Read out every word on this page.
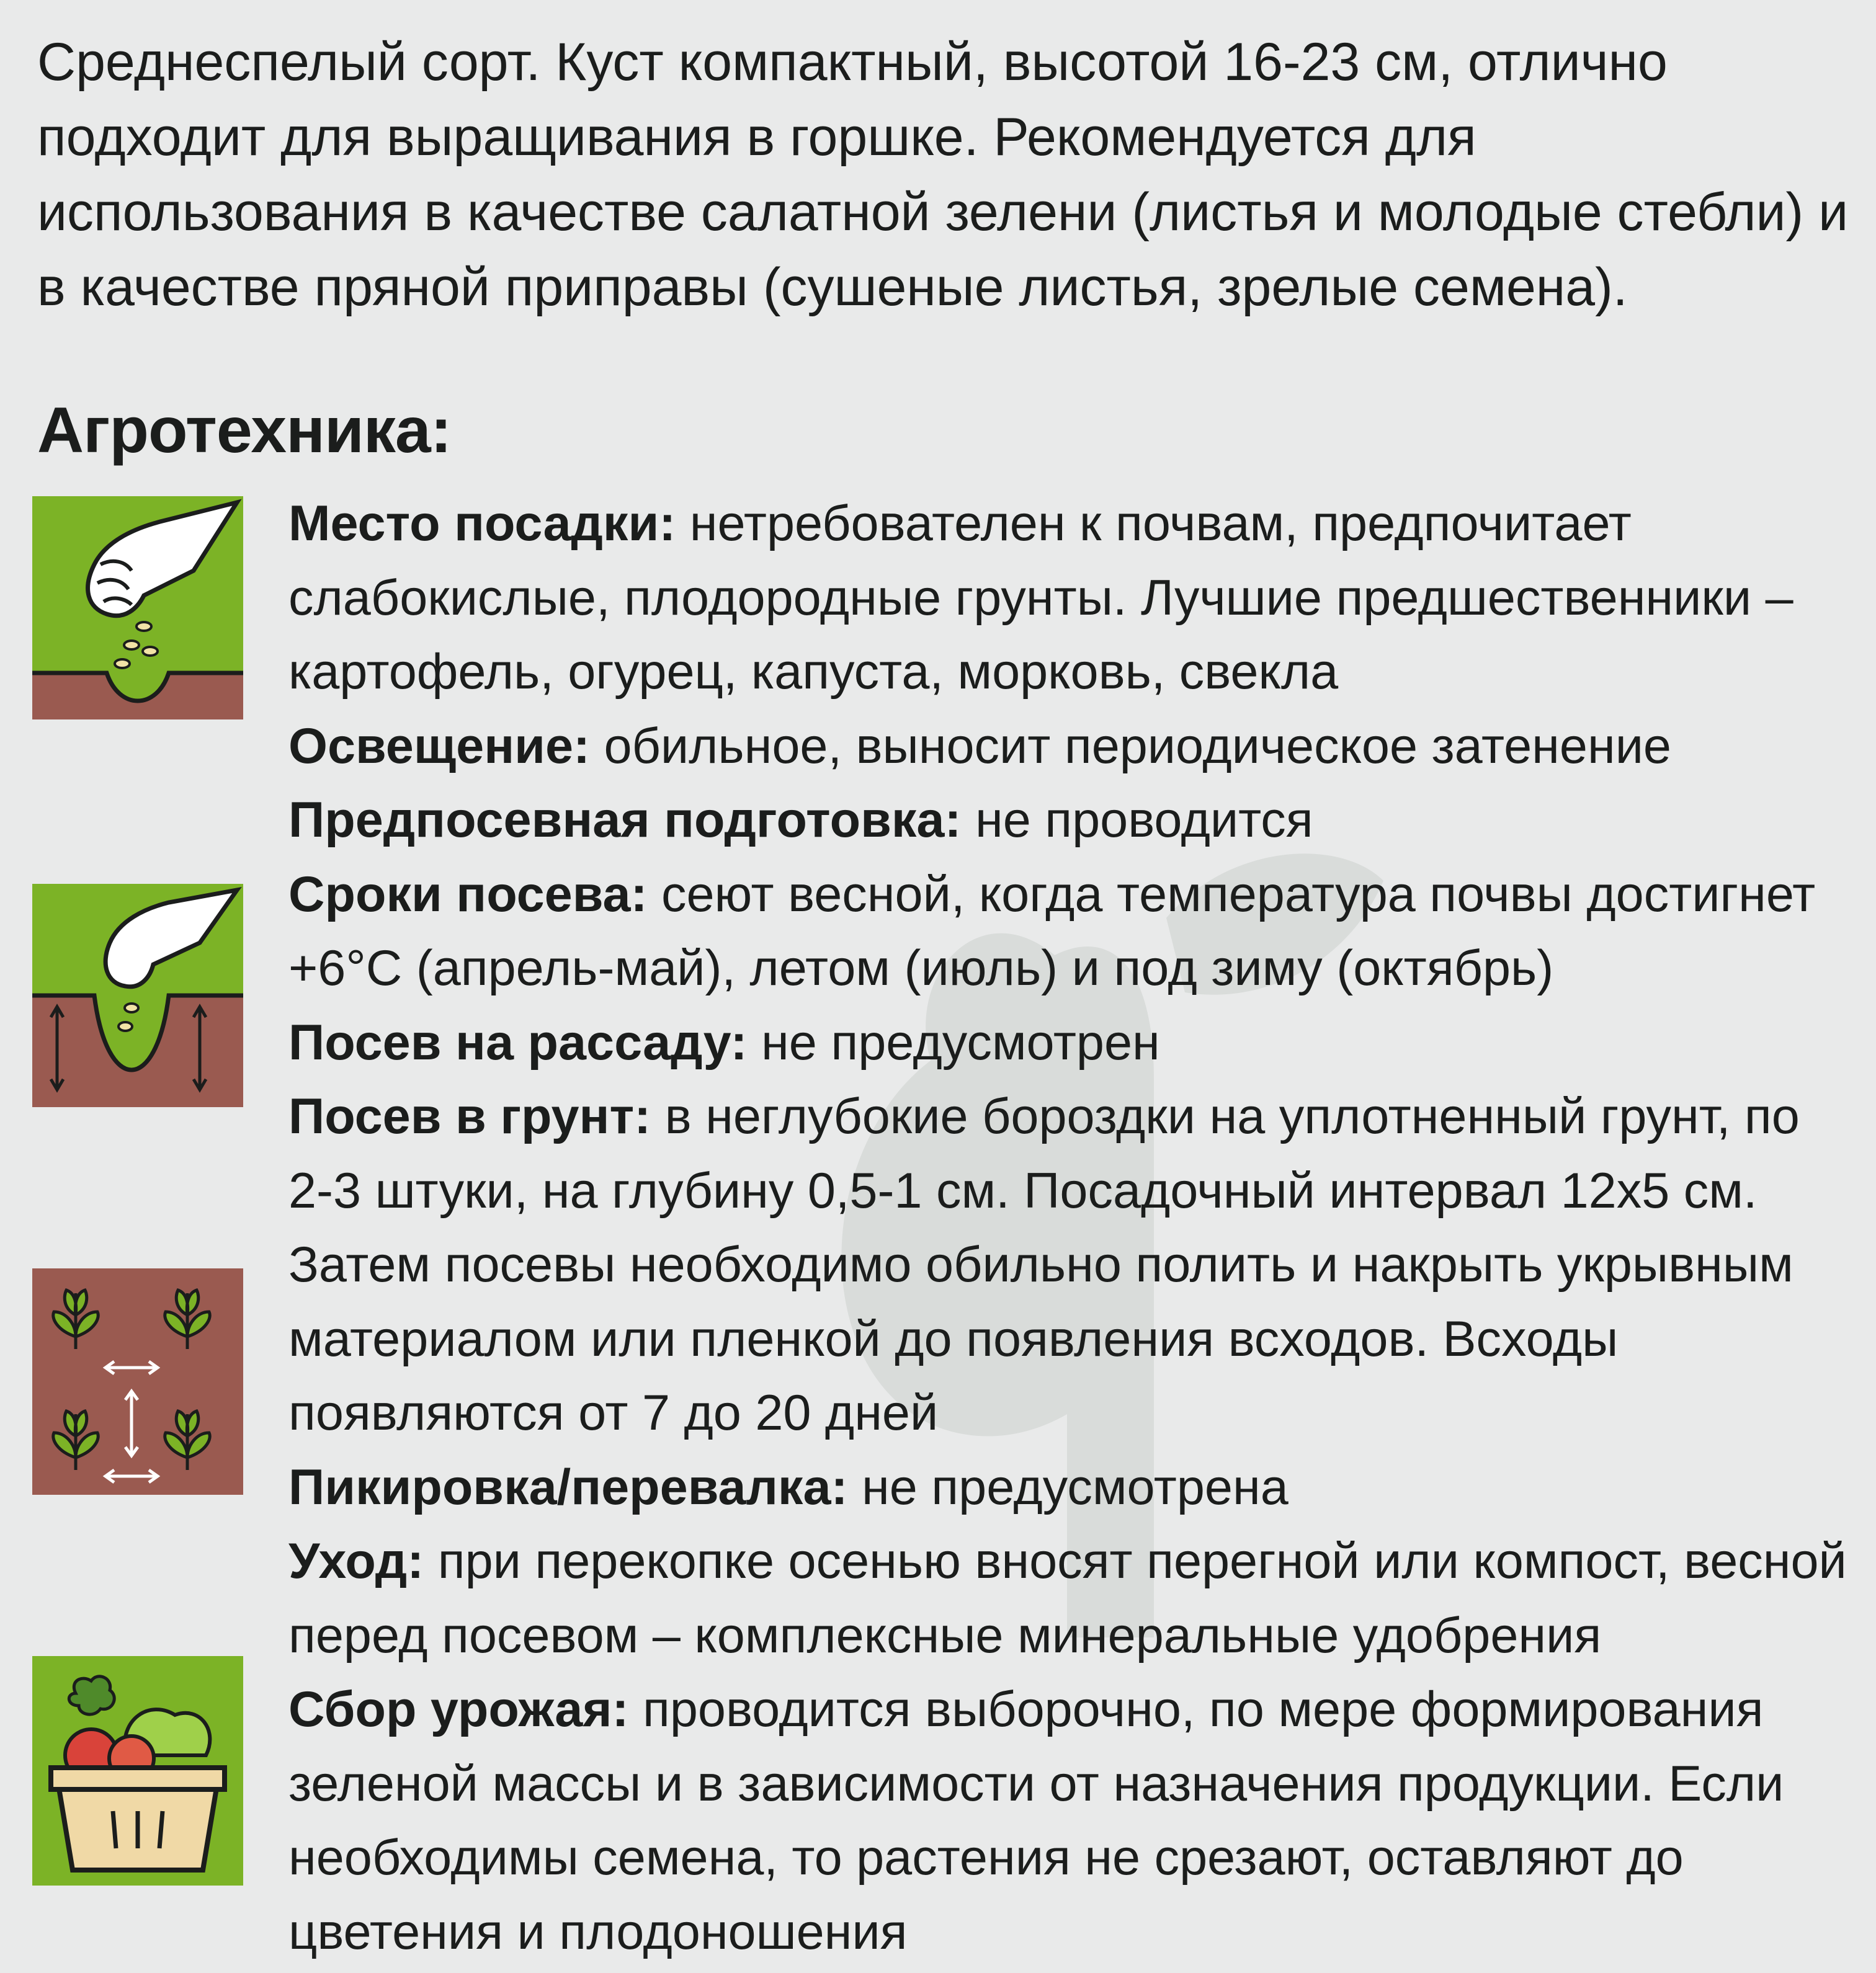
Среднеспелый сорт. Куст компактный, высотой 16-23 см, отлично подходит для выращивания в горшке. Рекомендуется для использования в качестве салатной зелени (листья и молодые стебли) и в качестве пряной приправы (сушеные листья, зрелые семена).

Агротехника:

Место посадки: нетребователен к почвам, предпочитает слабокислые, плодородные грунты. Лучшие предшественники – картофель, огурец, капуста, морковь, свекла

Освещение: обильное, выносит периодическое затенение

Предпосевная подготовка: не проводится

Сроки посева: сеют весной, когда температура почвы достигнет +6°С (апрель-май), летом (июль) и под зиму (октябрь)

Посев на рассаду: не предусмотрен

Посев в грунт: в неглубокие бороздки на уплотненный грунт, по 2-3 штуки, на глубину 0,5-1 см. Посадочный интервал 12х5 см. Затем посевы необходимо обильно полить и накрыть укрывным материалом или пленкой до появления всходов. Всходы появляются от 7 до 20 дней

Пикировка/перевалка: не предусмотрена

Уход: при перекопке осенью вносят перегной или компост, весной перед посевом – комплексные минеральные удобрения

Сбор урожая: проводится выборочно, по мере формирования зеленой массы и в зависимости от назначения продукции. Если необходимы семена, то растения не срезают, оставляют до цветения и плодоношения
